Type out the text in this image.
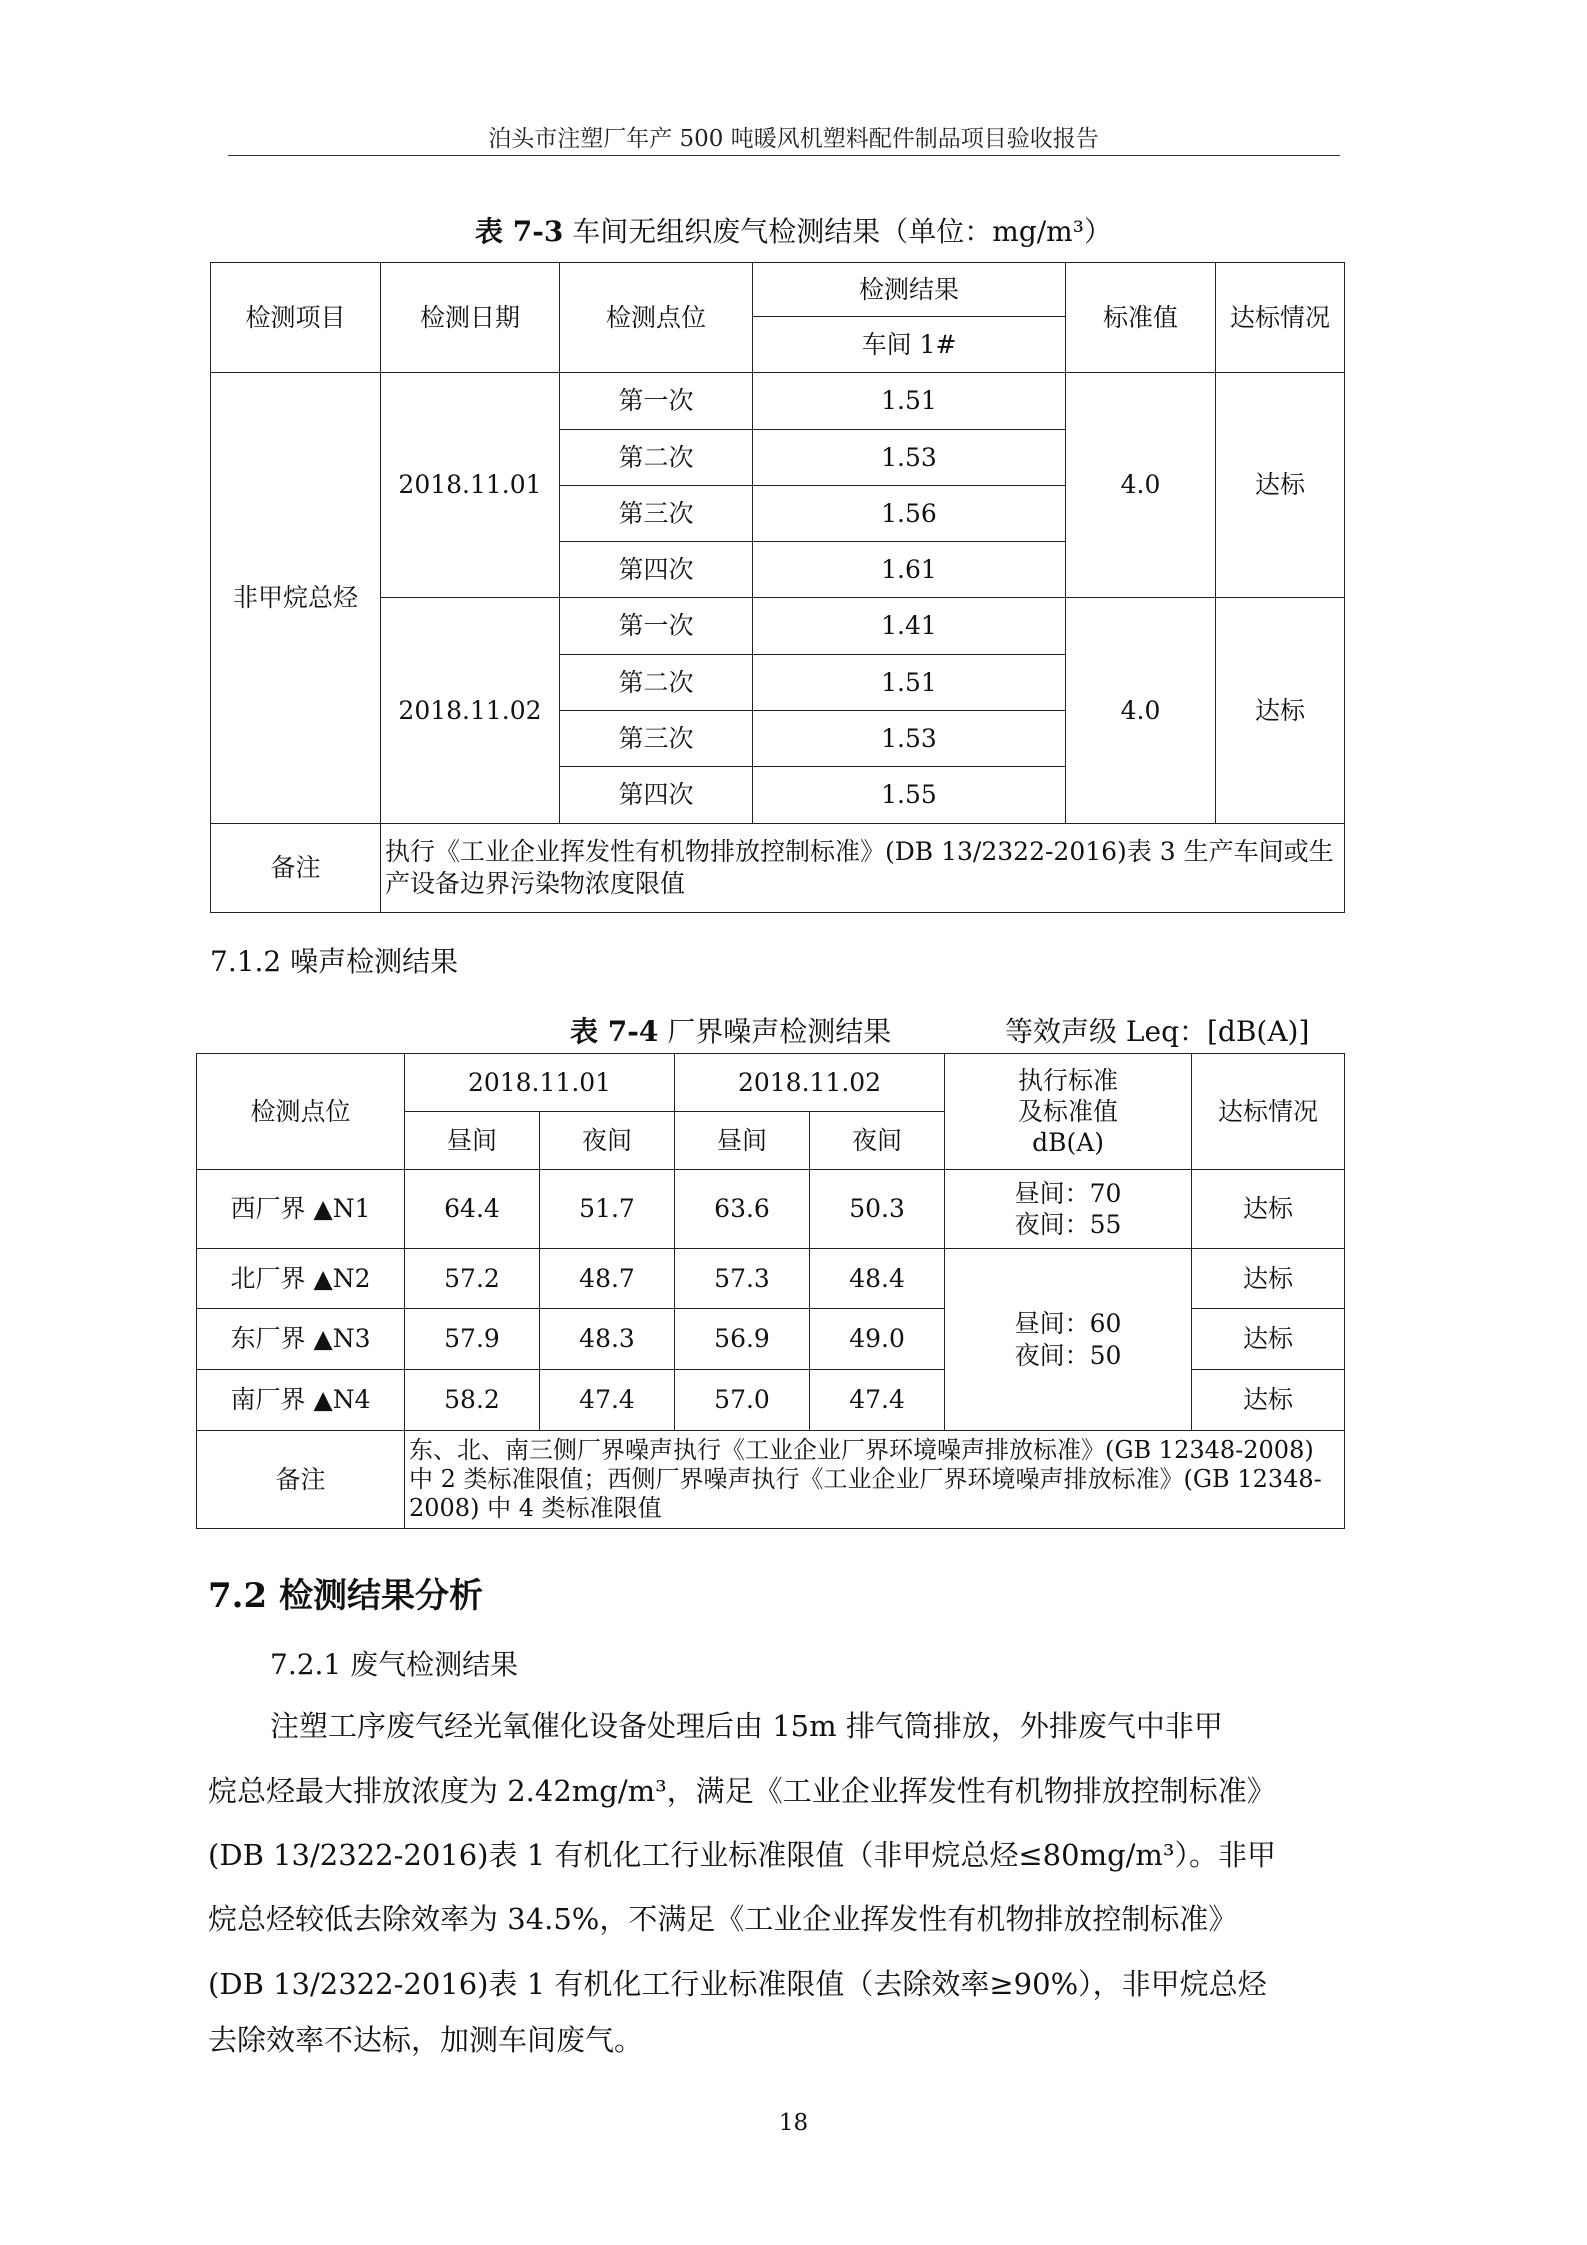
泊头市注塑厂年产 500 吨暖风机塑料配件制品项目验收报告
表 7-3 车间无组织废气检测结果（单位：mg/m³）
检测项目	检测日期	检测点位	检测结果	标准值	达标情况
			车间 1#		
非甲烷总烃	2018.11.01	第一次	1.51	4.0	达标
		第二次	1.53		
		第三次	1.56		
		第四次	1.61		
	2018.11.02	第一次	1.41	4.0	达标
		第二次	1.51		
		第三次	1.53		
		第四次	1.55		
备注	执行《工业企业挥发性有机物排放控制标准》(DB 13/2322-2016)表 3 生产车间或生产设备边界污染物浓度限值				
7.1.2 噪声检测结果
表 7-4 厂界噪声检测结果	等效声级 Leq：[dB(A)]
检测点位	2018.11.01		2018.11.02		执行标准
及标准值
dB(A)	达标情况
	昼间	夜间	昼间	夜间		
西厂界 ▲N1	64.4	51.7	63.6	50.3	昼间：70
夜间：55	达标
北厂界 ▲N2	57.2	48.7	57.3	48.4	昼间：60
夜间：50	达标
东厂界 ▲N3	57.9	48.3	56.9	49.0		达标
南厂界 ▲N4	58.2	47.4	57.0	47.4		达标
备注	东、北、南三侧厂界噪声执行《工业企业厂界环境噪声排放标准》(GB 12348-2008) 中 2 类标准限值；西侧厂界噪声执行《工业企业厂界环境噪声排放标准》(GB 12348-2008) 中 4 类标准限值					
7.2 检测结果分析
7.2.1 废气检测结果
注塑工序废气经光氧催化设备处理后由 15m 排气筒排放，外排废气中非甲
烷总烃最大排放浓度为 2.42mg/m³，满足《工业企业挥发性有机物排放控制标准》
(DB 13/2322-2016)表 1 有机化工行业标准限值（非甲烷总烃≤80mg/m³）。非甲
烷总烃较低去除效率为 34.5%，不满足《工业企业挥发性有机物排放控制标准》
(DB 13/2322-2016)表 1 有机化工行业标准限值（去除效率≥90%），非甲烷总烃
去除效率不达标，加测车间废气。
18
